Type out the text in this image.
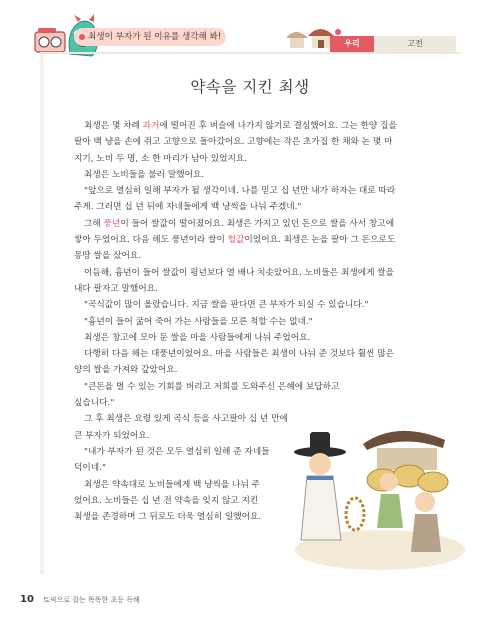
최생이 부자가 된 이유를 생각해 봐!
우리	고전
약속을 지킨 최생

최생은 몇 차례 과거에 떨어진 후 벼슬에 나가지 않기로 결심했어요. 그는 한양 집을

팔아 백 냥을 손에 쥐고 고향으로 돌아갔어요. 고향에는 작은 초가집 한 채와 논 몇 마

지기, 노비 두 명, 소 한 마리가 남아 있었지요.

최생은 노비들을 불러 말했어요.

"앞으로 열심히 일해 부자가 될 생각이네. 나를 믿고 십 년만 내가 하자는 대로 따라

주게. 그러면 십 년 뒤에 자네들에게 백 냥씩을 나눠 주겠네."

그해 풍년이 들어 쌀값이 떨어졌어요. 최생은 가지고 있던 돈으로 쌀을 사서 창고에

쌓아 두었어요. 다음 해도 풍년이라 쌀이 헐값이었어요. 최생은 논을 팔아 그 돈으로도

몽땅 쌀을 샀어요.

이듬해, 흉년이 들어 쌀값이 평년보다 열 배나 치솟았어요. 노비들은 최생에게 쌀을

내다 팔자고 말했어요.

"곡식값이 많이 올랐습니다. 지금 쌀을 판다면 큰 부자가 되실 수 있습니다."

"흉년이 들어 굶어 죽어 가는 사람들을 모른 척할 수는 없네."

최생은 창고에 모아 둔 쌀을 마을 사람들에게 나눠 주었어요.

다행히 다음 해는 대풍년이었어요. 마을 사람들은 최생이 나눠 준 것보다 훨씬 많은

양의 쌀을 가져와 갚았어요.

"큰돈을 벌 수 있는 기회를 버리고 저희를 도와주신 은혜에 보답하고

싶습니다."

그 후 최생은 요령 있게 곡식 등을 사고팔아 십 년 만에

큰 부자가 되었어요.

"내가 부자가 된 것은 모두 열심히 일해 준 자네들

덕이네."

최생은 약속대로 노비들에게 백 냥씩을 나눠 주

었어요. 노비들은 십 년 전 약속을 잊지 않고 지킨

최생을 존경하며 그 뒤로도 더욱 열심히 일했어요.

10 토픽으로 잡는 똑똑한 초등 독해
